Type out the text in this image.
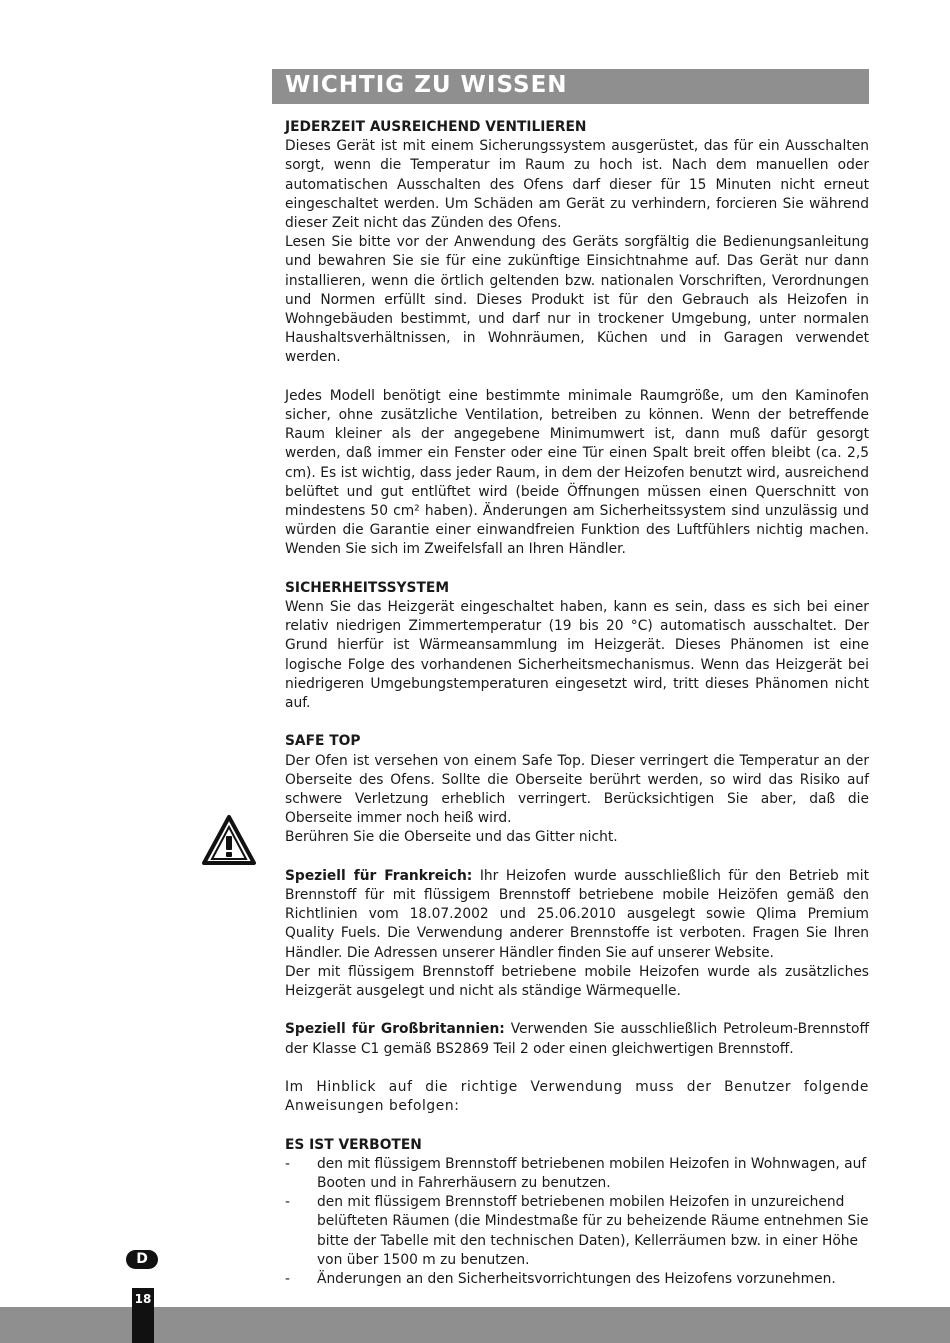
WICHTIG ZU WISSEN

JEDERZEIT AUSREICHEND VENTILIEREN

Dieses Gerät ist mit einem Sicherungssystem ausgerüstet, das für ein Ausschalten sorgt, wenn die Temperatur im Raum zu hoch ist. Nach dem manuellen oder automatischen Ausschalten des Ofens darf dieser für 15 Minuten nicht erneut eingeschaltet werden. Um Schäden am Gerät zu verhindern, forcieren Sie während dieser Zeit nicht das Zünden des Ofens.

Lesen Sie bitte vor der Anwendung des Geräts sorgfältig die Bedienungsanleitung und bewahren Sie sie für eine zukünftige Einsichtnahme auf. Das Gerät nur dann installieren, wenn die örtlich geltenden bzw. nationalen Vorschriften, Verordnungen und Normen erfüllt sind. Dieses Produkt ist für den Gebrauch als Heizofen in Wohngebäuden bestimmt, und darf nur in trockener Umgebung, unter normalen Haushaltsverhältnissen, in Wohnräumen, Küchen und in Garagen verwendet werden.

Jedes Modell benötigt eine bestimmte minimale Raumgröße, um den Kaminofen sicher, ohne zusätzliche Ventilation, betreiben zu können. Wenn der betreffende Raum kleiner als der angegebene Minimumwert ist, dann muß dafür gesorgt werden, daß immer ein Fenster oder eine Tür einen Spalt breit offen bleibt (ca. 2,5 cm). Es ist wichtig, dass jeder Raum, in dem der Heizofen benutzt wird, ausreichend belüftet und gut entlüftet wird (beide Öffnungen müssen einen Querschnitt von mindestens 50 cm² haben). Änderungen am Sicherheitssystem sind unzulässig und würden die Garantie einer einwandfreien Funktion des Luftfühlers nichtig machen. Wenden Sie sich im Zweifelsfall an Ihren Händler.

SICHERHEITSSYSTEM

Wenn Sie das Heizgerät eingeschaltet haben, kann es sein, dass es sich bei einer relativ niedrigen Zimmertemperatur (19 bis 20 °C) automatisch ausschaltet. Der Grund hierfür ist Wärmeansammlung im Heizgerät. Dieses Phänomen ist eine logische Folge des vorhandenen Sicherheitsmechanismus. Wenn das Heizgerät bei niedrigeren Umgebungstemperaturen eingesetzt wird, tritt dieses Phänomen nicht auf.

SAFE TOP

Der Ofen ist versehen von einem Safe Top. Dieser verringert die Temperatur an der Oberseite des Ofens. Sollte die Oberseite berührt werden, so wird das Risiko auf schwere Verletzung erheblich verringert. Berücksichtigen Sie aber, daß die Oberseite immer noch heiß wird.

Berühren Sie die Oberseite und das Gitter nicht.

Speziell für Frankreich: Ihr Heizofen wurde ausschließlich für den Betrieb mit Brennstoff für mit flüssigem Brennstoff betriebene mobile Heizöfen gemäß den Richtlinien vom 18.07.2002 und 25.06.2010 ausgelegt sowie Qlima Premium Quality Fuels. Die Verwendung anderer Brennstoffe ist verboten. Fragen Sie Ihren Händler. Die Adressen unserer Händler finden Sie auf unserer Website.

Der mit flüssigem Brennstoff betriebene mobile Heizofen wurde als zusätzliches Heizgerät ausgelegt und nicht als ständige Wärmequelle.

Speziell für Großbritannien: Verwenden Sie ausschließlich Petroleum-Brennstoff der Klasse C1 gemäß BS2869 Teil 2 oder einen gleichwertigen Brennstoff.

Im Hinblick auf die richtige Verwendung muss der Benutzer folgende Anweisungen befolgen:

ES IST VERBOTEN

- den mit flüssigem Brennstoff betriebenen mobilen Heizofen in Wohnwagen, auf Booten und in Fahrerhäusern zu benutzen.
- den mit flüssigem Brennstoff betriebenen mobilen Heizofen in unzureichend belüfteten Räumen (die Mindestmaße für zu beheizende Räume entnehmen Sie bitte der Tabelle mit den technischen Daten), Kellerräumen bzw. in einer Höhe von über 1500 m zu benutzen.
- Änderungen an den Sicherheitsvorrichtungen des Heizofens vorzunehmen.
D
18
